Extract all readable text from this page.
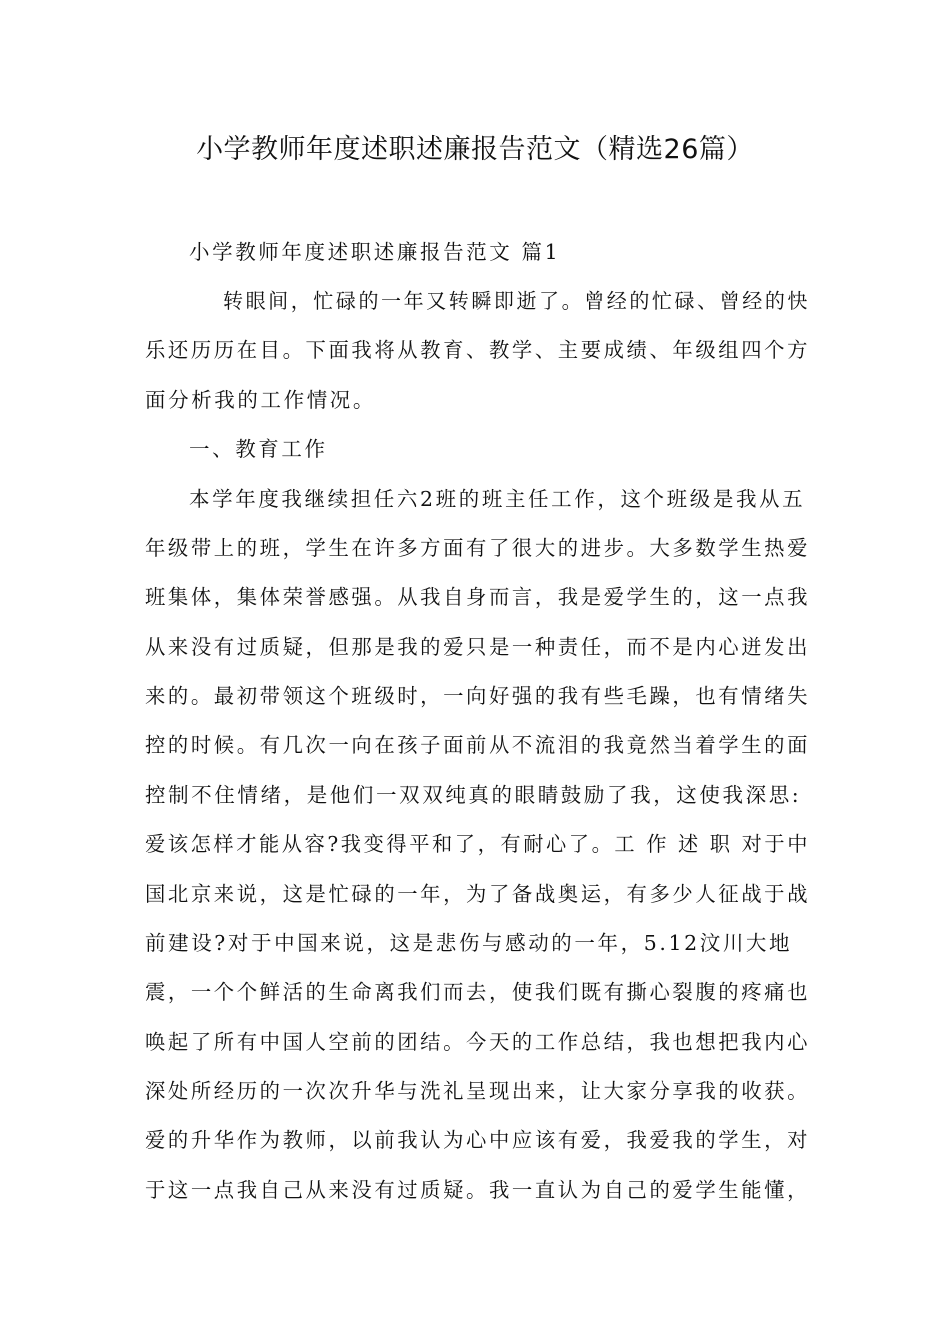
小学教师年度述职述廉报告范文（精选26篇）
小学教师年度述职述廉报告范文 篇1
转眼间，忙碌的一年又转瞬即逝了。曾经的忙碌、曾经的快
乐还历历在目。下面我将从教育、教学、主要成绩、年级组四个方
面分析我的工作情况。
一、教育工作
本学年度我继续担任六2班的班主任工作，这个班级是我从五
年级带上的班，学生在许多方面有了很大的进步。大多数学生热爱
班集体，集体荣誉感强。从我自身而言，我是爱学生的，这一点我
从来没有过质疑，但那是我的爱只是一种责任，而不是内心迸发出
来的。最初带领这个班级时，一向好强的我有些毛躁，也有情绪失
控的时候。有几次一向在孩子面前从不流泪的我竟然当着学生的面
控制不住情绪，是他们一双双纯真的眼睛鼓励了我，这使我深思:
爱该怎样才能从容?我变得平和了，有耐心了。工 作 述 职 对于中
国北京来说，这是忙碌的一年，为了备战奥运，有多少人征战于战
前建设?对于中国来说，这是悲伤与感动的一年，5.12汶川大地
震，一个个鲜活的生命离我们而去，使我们既有撕心裂腹的疼痛也
唤起了所有中国人空前的团结。今天的工作总结，我也想把我内心
深处所经历的一次次升华与洗礼呈现出来，让大家分享我的收获。
爱的升华作为教师，以前我认为心中应该有爱，我爱我的学生，对
于这一点我自己从来没有过质疑。我一直认为自己的爱学生能懂，
